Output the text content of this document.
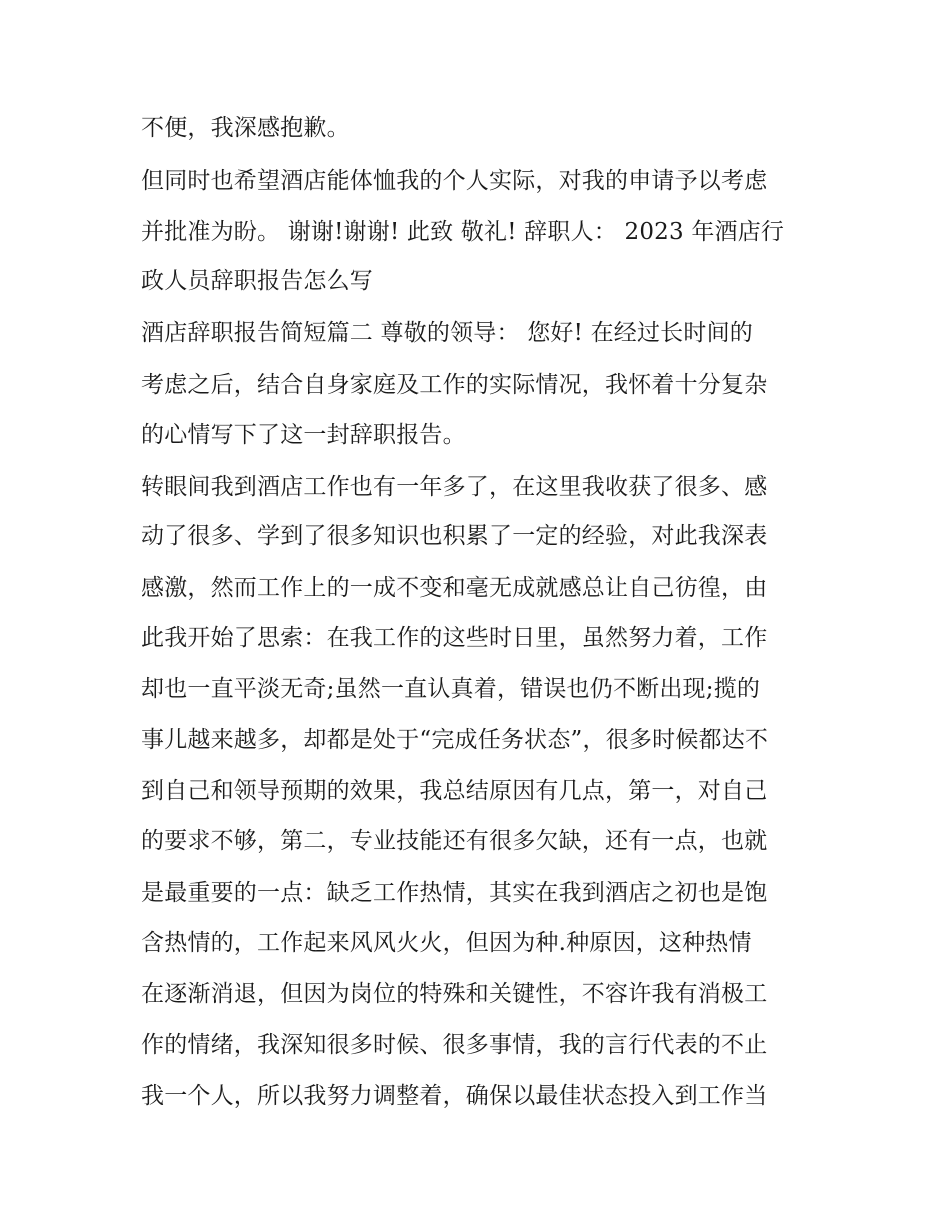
不便，我深感抱歉。
但同时也希望酒店能体恤我的个人实际，对我的申请予以考虑
并批准为盼。 谢谢!谢谢! 此致 敬礼! 辞职人： 2023 年酒店行
政人员辞职报告怎么写
酒店辞职报告简短篇二 尊敬的领导： 您好! 在经过长时间的
考虑之后，结合自身家庭及工作的实际情况，我怀着十分复杂
的心情写下了这一封辞职报告。
转眼间我到酒店工作也有一年多了，在这里我收获了很多、感
动了很多、学到了很多知识也积累了一定的经验，对此我深表
感激，然而工作上的一成不变和毫无成就感总让自己彷徨，由
此我开始了思索：在我工作的这些时日里，虽然努力着，工作
却也一直平淡无奇;虽然一直认真着，错误也仍不断出现;揽的
事儿越来越多，却都是处于“完成任务状态”，很多时候都达不
到自己和领导预期的效果，我总结原因有几点，第一，对自己
的要求不够，第二，专业技能还有很多欠缺，还有一点，也就
是最重要的一点：缺乏工作热情，其实在我到酒店之初也是饱
含热情的，工作起来风风火火，但因为种.种原因，这种热情
在逐渐消退，但因为岗位的特殊和关键性，不容许我有消极工
作的情绪，我深知很多时候、很多事情，我的言行代表的不止
我一个人，所以我努力调整着，确保以最佳状态投入到工作当
